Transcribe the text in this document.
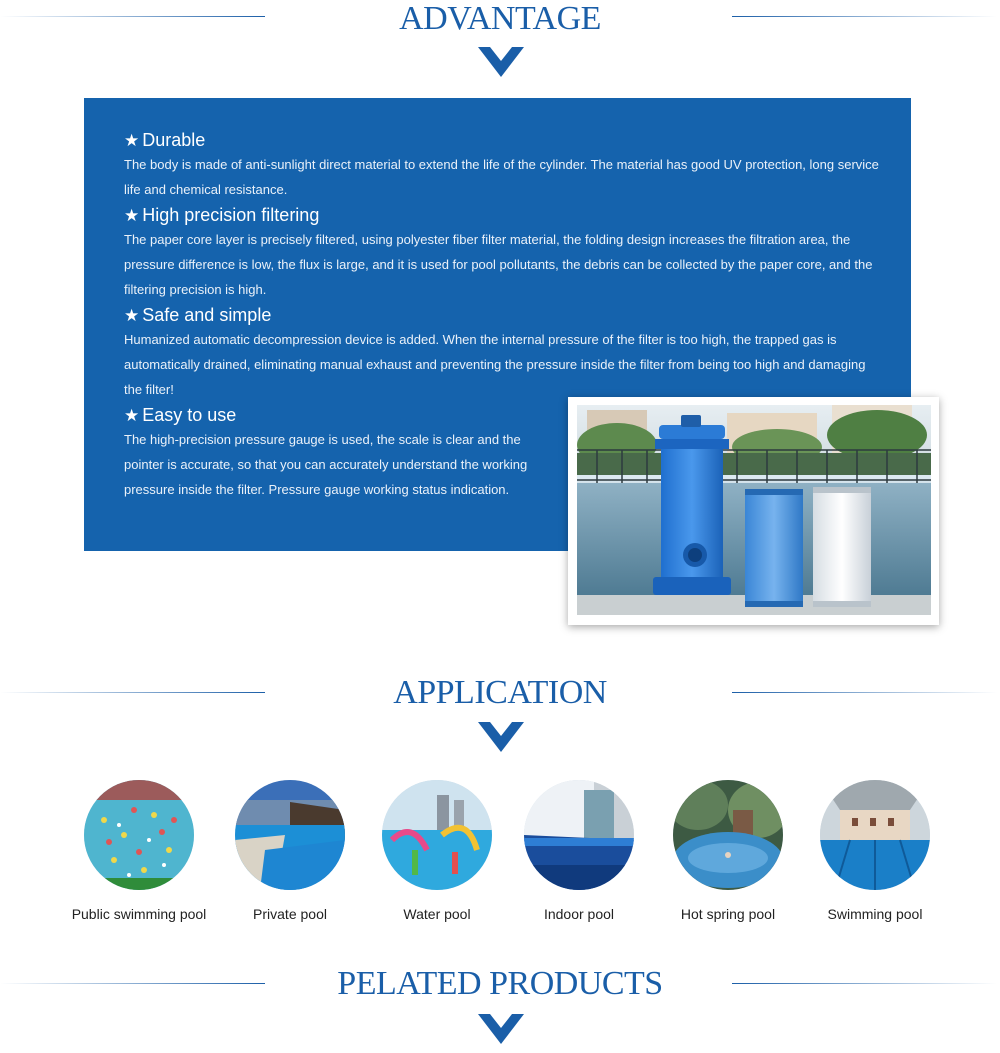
ADVANTAGE

★ Durable

The body is made of anti-sunlight direct material to extend the life of the cylinder. The material has good UV protection, long service life and chemical resistance.

★ High precision filtering

The paper core layer is precisely filtered, using polyester fiber filter material, the folding design increases the filtration area, the pressure difference is low, the flux is large, and it is used for pool pollutants, the debris can be collected by the paper core, and the filtering precision is high.

★ Safe and simple

Humanized automatic decompression device is added. When the internal pressure of the filter is too high, the trapped gas is automatically drained, eliminating manual exhaust and preventing the pressure inside the filter from being too high and damaging the filter!

★ Easy to use

The high-precision pressure gauge is used, the scale is clear and the pointer is accurate, so that you can accurately understand the working pressure inside the filter. Pressure gauge working status indication.

APPLICATION
Public swimming pool	Private pool	Water pool	Indoor pool	Hot spring pool	Swimming pool
PELATED PRODUCTS
